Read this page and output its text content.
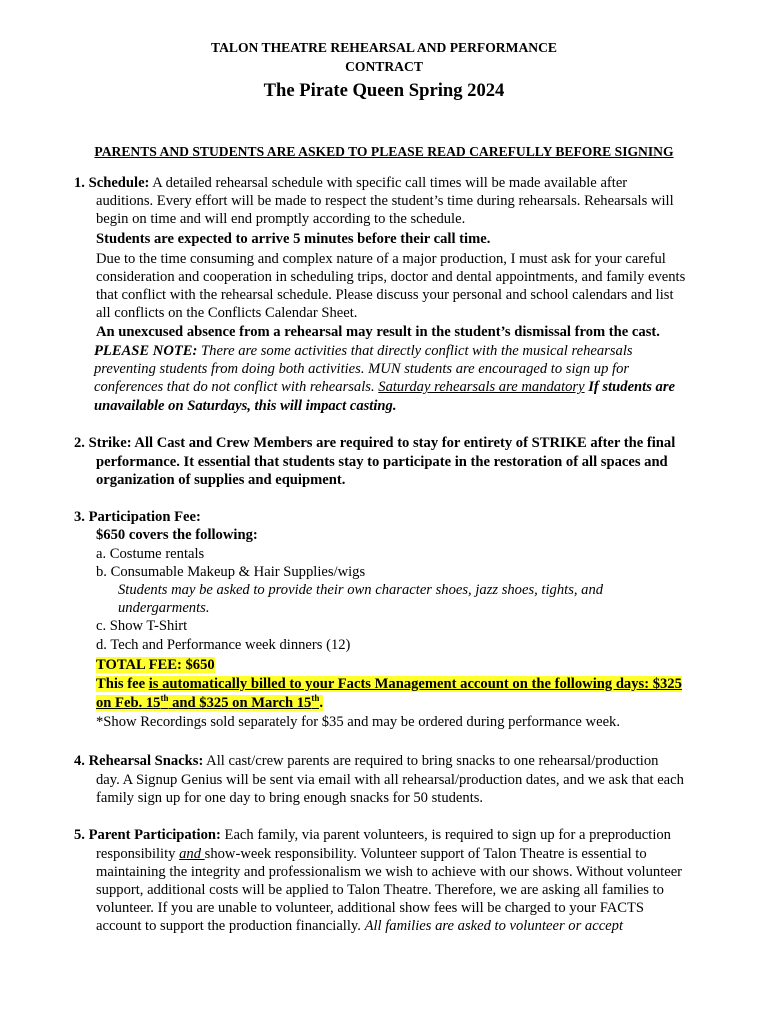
TALON THEATRE REHEARSAL AND PERFORMANCE
CONTRACT
The Pirate Queen Spring 2024
PARENTS AND STUDENTS ARE ASKED TO PLEASE READ CAREFULLY BEFORE SIGNING
1. Schedule: A detailed rehearsal schedule with specific call times will be made available after
auditions. Every effort will be made to respect the student’s time during rehearsals. Rehearsals will
begin on time and will end promptly according to the schedule.
Students are expected to arrive 5 minutes before their call time.
Due to the time consuming and complex nature of a major production, I must ask for your careful
consideration and cooperation in scheduling trips, doctor and dental appointments, and family events
that conflict with the rehearsal schedule. Please discuss your personal and school calendars and list
all conflicts on the Conflicts Calendar Sheet.
An unexcused absence from a rehearsal may result in the student’s dismissal from the cast.
PLEASE NOTE: There are some activities that directly conflict with the musical rehearsals
preventing students from doing both activities. MUN students are encouraged to sign up for
conferences that do not conflict with rehearsals. Saturday rehearsals are mandatory If students are
unavailable on Saturdays, this will impact casting.
2. Strike: All Cast and Crew Members are required to stay for entirety of STRIKE after the final
performance. It essential that students stay to participate in the restoration of all spaces and
organization of supplies and equipment.
3. Participation Fee:
$650 covers the following:
a. Costume rentals
b. Consumable Makeup & Hair Supplies/wigs
Students may be asked to provide their own character shoes, jazz shoes, tights, and
undergarments.
c. Show T-Shirt
d. Tech and Performance week dinners (12)
TOTAL FEE: $650
This fee is automatically billed to your Facts Management account on the following days: $325
on Feb. 15th and $325 on March 15th.
*Show Recordings sold separately for $35 and may be ordered during performance week.
4. Rehearsal Snacks: All cast/crew parents are required to bring snacks to one rehearsal/production
day. A Signup Genius will be sent via email with all rehearsal/production dates, and we ask that each
family sign up for one day to bring enough snacks for 50 students.
5. Parent Participation: Each family, via parent volunteers, is required to sign up for a preproduction
responsibility and show-week responsibility. Volunteer support of Talon Theatre is essential to
maintaining the integrity and professionalism we wish to achieve with our shows. Without volunteer
support, additional costs will be applied to Talon Theatre. Therefore, we are asking all families to
volunteer. If you are unable to volunteer, additional show fees will be charged to your FACTS
account to support the production financially. All families are asked to volunteer or accept
